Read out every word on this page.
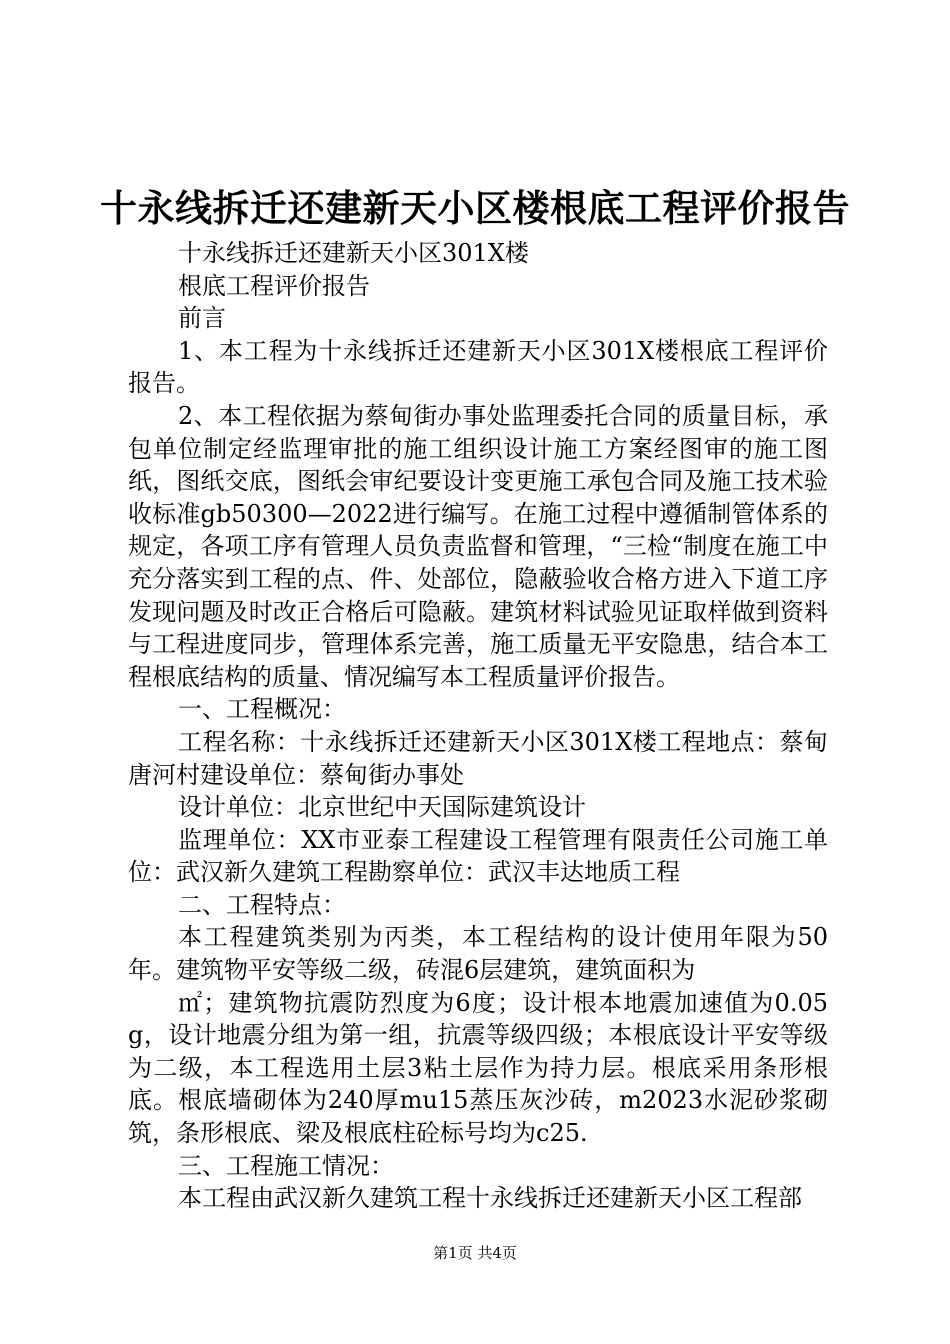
十永线拆迁还建新天小区楼根底工程评价报告

十永线拆迁还建新天小区301X楼

根底工程评价报告

前言

1、本工程为十永线拆迁还建新天小区301X楼根底工程评价报告。

2、本工程依据为蔡甸街办事处监理委托合同的质量目标，承包单位制定经监理审批的施工组织设计施工方案经图审的施工图纸，图纸交底，图纸会审纪要设计变更施工承包合同及施工技术验收标准gb50300—2022进行编写。在施工过程中遵循制管体系的规定，各项工序有管理人员负责监督和管理，“三检“制度在施工中充分落实到工程的点、件、处部位，隐蔽验收合格方进入下道工序发现问题及时改正合格后可隐蔽。建筑材料试验见证取样做到资料与工程进度同步，管理体系完善，施工质量无平安隐患，结合本工程根底结构的质量、情况编写本工程质量评价报告。

一、工程概况：

工程名称：十永线拆迁还建新天小区301X楼工程地点：蔡甸唐河村建设单位：蔡甸街办事处

设计单位：北京世纪中天国际建筑设计

监理单位：XX市亚泰工程建设工程管理有限责任公司施工单位：武汉新久建筑工程勘察单位：武汉丰达地质工程

二、工程特点：

本工程建筑类别为丙类，本工程结构的设计使用年限为50年。建筑物平安等级二级，砖混6层建筑，建筑面积为

㎡；建筑物抗震防烈度为6度；设计根本地震加速值为0.05g，设计地震分组为第一组，抗震等级四级；本根底设计平安等级为二级，本工程选用土层3粘土层作为持力层。根底采用条形根底。根底墙砌体为240厚mu15蒸压灰沙砖，m2023水泥砂浆砌筑，条形根底、梁及根底柱砼标号均为c25.

三、工程施工情况：

本工程由武汉新久建筑工程十永线拆迁还建新天小区工程部

第1页 共4页
